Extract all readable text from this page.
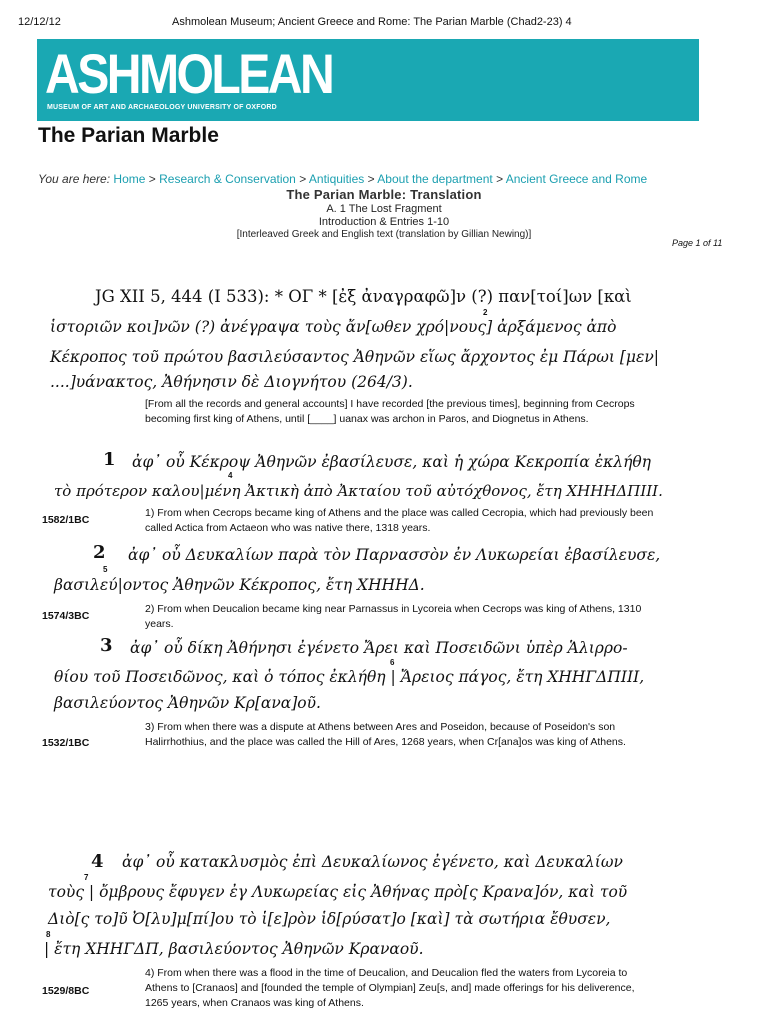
12/12/12	Ashmolean Museum; Ancient Greece and Rome: The Parian Marble (Chad2-23) 4
ASHMOLEAN
MUSEUM OF ART AND ARCHAEOLOGY UNIVERSITY OF OXFORD
The Parian Marble
You are here: Home > Research & Conservation > Antiquities > About the department > Ancient Greece and Rome
The Parian Marble: Translation
A. 1 The Lost Fragment
Introduction & Entries 1-10
[Interleaved Greek and English text (translation by Gillian Newing)]
Page 1 of 11
JG XII 5, 444 (I 533): * ΟΓ * [ἐξ ἀναγραφῶ]ν (?) παν[τοί]ων [καὶ
ἱστοριῶν κοι]νῶν (?) ἀνέγραψα τοὺς ἄν[ωθεν χρό|νους] ἀρξάμενος ἀπὸ
Κέκροπος τοῦ πρώτου βασιλεύσαντος Ἀθηνῶν εἵως ἄρχοντος ἐμ Πάρωι [μεν|
....]υάνακτος, Ἀθήνησιν δὲ Διογνήτου (264/3).
[From all the records and general accounts] I have recorded [the previous times], beginning from Cecrops becoming first king of Athens, until [____] uanax was archon in Paros, and Diognetus in Athens.
1 ἀφ᾽ οὗ Κέκροψ Ἀθηνῶν ἐβασίλευσε, καὶ ἡ χώρα Κεκροπία ἐκλήθη
τὸ πρότερον καλου|μένη Ἀκτικὴ ἀπὸ Ἀκταίου τοῦ αὐτόχθονος, ἔτη ΧΗΗΗΔΠΙΙΙ.
1) From when Cecrops became king of Athens and the place was called Cecropia, which had previously been called Actica from Actaeon who was native there, 1318 years.
1582/1BC
2 ἀφ᾽ οὗ Δευκαλίων παρὰ τὸν Παρνασσὸν ἐν Λυκωρείαι ἐβασίλευσε,
βασιλεύ|οντος Ἀθηνῶν Κέκροπος, ἔτη ΧΗΗΗΔ.
2) From when Deucalion became king near Parnassus in Lycoreia when Cecrops was king of Athens, 1310 years.
1574/3BC
3 ἀφ᾽ οὗ δίκη Ἀθήνησι ἐγένετο Ἄρει καὶ Ποσειδῶνι ὑπὲρ Ἁλιρρο-
θίου τοῦ Ποσειδῶνος, καὶ ὁ τόπος ἐκλήθη | Ἄρειος πάγος, ἔτη ΧΗΗΓΔΠΙΙΙ,
βασιλεύοντος Ἀθηνῶν Κρ[ανα]οῦ.
3) From when there was a dispute at Athens between Ares and Poseidon, because of Poseidon's son Halirrhothius, and the place was called the Hill of Ares, 1268 years, when Cr[ana]os was king of Athens.
1532/1BC
4 ἀφ᾽ οὗ κατακλυσμὸς ἐπὶ Δευκαλίωνος ἐγένετο, καὶ Δευκαλίων
τοὺς | ὄμβρους ἔφυγεν ἐγ Λυκωρείας εἰς Ἀθήνας πρὸ[ς Κρανα]όν, καὶ τοῦ
Διὸ[ς το]ῦ Ὀ[λυ]μ[πί]ου τὸ ἱ[ε]ρὸν ἱδ[ρύσατ]ο [καὶ] τὰ σωτήρια ἔθυσεν,
| ἔτη ΧΗΗΓΔΠ, βασιλεύοντος Ἀθηνῶν Κραναοῦ.
4) From when there was a flood in the time of Deucalion, and Deucalion fled the waters from Lycoreia to Athens to [Cranaos] and [founded the temple of Olympian] Zeu[s, and] made offerings for his deliverence, 1265 years, when Cranaos was king of Athens.
1529/8BC
2
4
5
6
7
8
